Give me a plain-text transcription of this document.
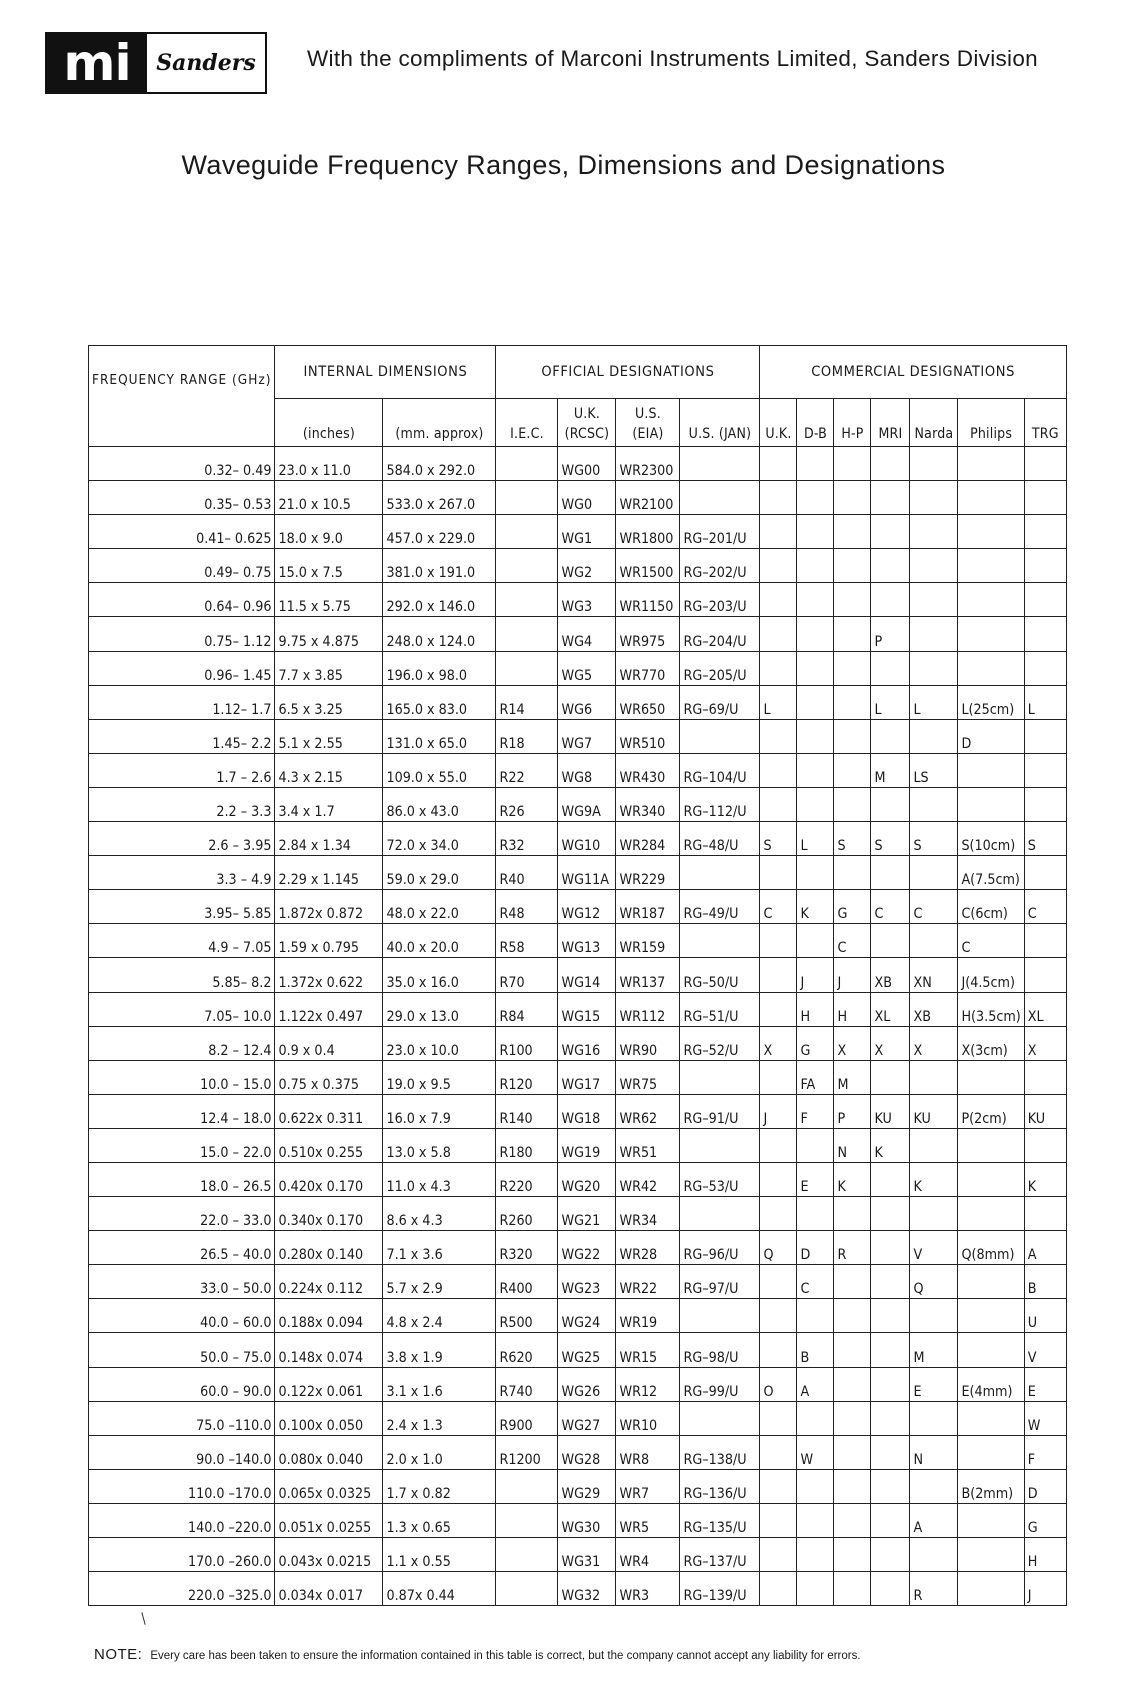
mi	Sanders	With the compliments of Marconi Instruments Limited, Sanders Division
Waveguide Frequency Ranges, Dimensions and Designations
FREQUENCY RANGE (GHz)	INTERNAL DIMENSIONS		OFFICIAL DESIGNATIONS				COMMERCIAL DESIGNATIONS						
	(inches)	(mm. approx)	I.E.C.	U.K. (RCSC)	U.S. (EIA)	U.S. (JAN)	U.K.	D-B	H-P	MRI	Narda	Philips	TRG
0.32– 0.49	23.0 x 11.0	584.0 x 292.0		WG00	WR2300								
0.35– 0.53	21.0 x 10.5	533.0 x 267.0		WG0	WR2100								
0.41– 0.625	18.0 x 9.0	457.0 x 229.0		WG1	WR1800	RG–201/U							
0.49– 0.75	15.0 x 7.5	381.0 x 191.0		WG2	WR1500	RG–202/U							
0.64– 0.96	11.5 x 5.75	292.0 x 146.0		WG3	WR1150	RG–203/U							
0.75– 1.12	9.75 x 4.875	248.0 x 124.0		WG4	WR975	RG–204/U				P			
0.96– 1.45	7.7 x 3.85	196.0 x 98.0		WG5	WR770	RG–205/U							
1.12– 1.7	6.5 x 3.25	165.0 x 83.0	R14	WG6	WR650	RG–69/U	L			L	L	L(25cm)	L
1.45– 2.2	5.1 x 2.55	131.0 x 65.0	R18	WG7	WR510							D	
1.7 – 2.6	4.3 x 2.15	109.0 x 55.0	R22	WG8	WR430	RG–104/U				M	LS		
2.2 – 3.3	3.4 x 1.7	86.0 x 43.0	R26	WG9A	WR340	RG–112/U							
2.6 – 3.95	2.84 x 1.34	72.0 x 34.0	R32	WG10	WR284	RG–48/U	S	L	S	S	S	S(10cm)	S
3.3 – 4.9	2.29 x 1.145	59.0 x 29.0	R40	WG11A	WR229							A(7.5cm)	
3.95– 5.85	1.872x 0.872	48.0 x 22.0	R48	WG12	WR187	RG–49/U	C	K	G	C	C	C(6cm)	C
4.9 – 7.05	1.59 x 0.795	40.0 x 20.0	R58	WG13	WR159				C			C	
5.85– 8.2	1.372x 0.622	35.0 x 16.0	R70	WG14	WR137	RG–50/U		J	J	XB	XN	J(4.5cm)	
7.05– 10.0	1.122x 0.497	29.0 x 13.0	R84	WG15	WR112	RG–51/U		H	H	XL	XB	H(3.5cm)	XL
8.2 – 12.4	0.9 x 0.4	23.0 x 10.0	R100	WG16	WR90	RG–52/U	X	G	X	X	X	X(3cm)	X
10.0 – 15.0	0.75 x 0.375	19.0 x 9.5	R120	WG17	WR75			FA	M				
12.4 – 18.0	0.622x 0.311	16.0 x 7.9	R140	WG18	WR62	RG–91/U	J	F	P	KU	KU	P(2cm)	KU
15.0 – 22.0	0.510x 0.255	13.0 x 5.8	R180	WG19	WR51				N	K			
18.0 – 26.5	0.420x 0.170	11.0 x 4.3	R220	WG20	WR42	RG–53/U		E	K		K		K
22.0 – 33.0	0.340x 0.170	8.6 x 4.3	R260	WG21	WR34								
26.5 – 40.0	0.280x 0.140	7.1 x 3.6	R320	WG22	WR28	RG–96/U	Q	D	R		V	Q(8mm)	A
33.0 – 50.0	0.224x 0.112	5.7 x 2.9	R400	WG23	WR22	RG–97/U		C			Q		B
40.0 – 60.0	0.188x 0.094	4.8 x 2.4	R500	WG24	WR19								U
50.0 – 75.0	0.148x 0.074	3.8 x 1.9	R620	WG25	WR15	RG–98/U		B			M		V
60.0 – 90.0	0.122x 0.061	3.1 x 1.6	R740	WG26	WR12	RG–99/U	O	A			E	E(4mm)	E
75.0 –110.0	0.100x 0.050	2.4 x 1.3	R900	WG27	WR10								W
90.0 –140.0	0.080x 0.040	2.0 x 1.0	R1200	WG28	WR8	RG–138/U		W			N		F
110.0 –170.0	0.065x 0.0325	1.7 x 0.82		WG29	WR7	RG–136/U						B(2mm)	D
140.0 –220.0	0.051x 0.0255	1.3 x 0.65		WG30	WR5	RG–135/U					A		G
170.0 –260.0	0.043x 0.0215	1.1 x 0.55		WG31	WR4	RG–137/U							H
220.0 –325.0	0.034x 0.017	0.87x 0.44		WG32	WR3	RG–139/U					R		J
NOTE: Every care has been taken to ensure the information contained in this table is correct, but the company cannot accept any liability for errors.
